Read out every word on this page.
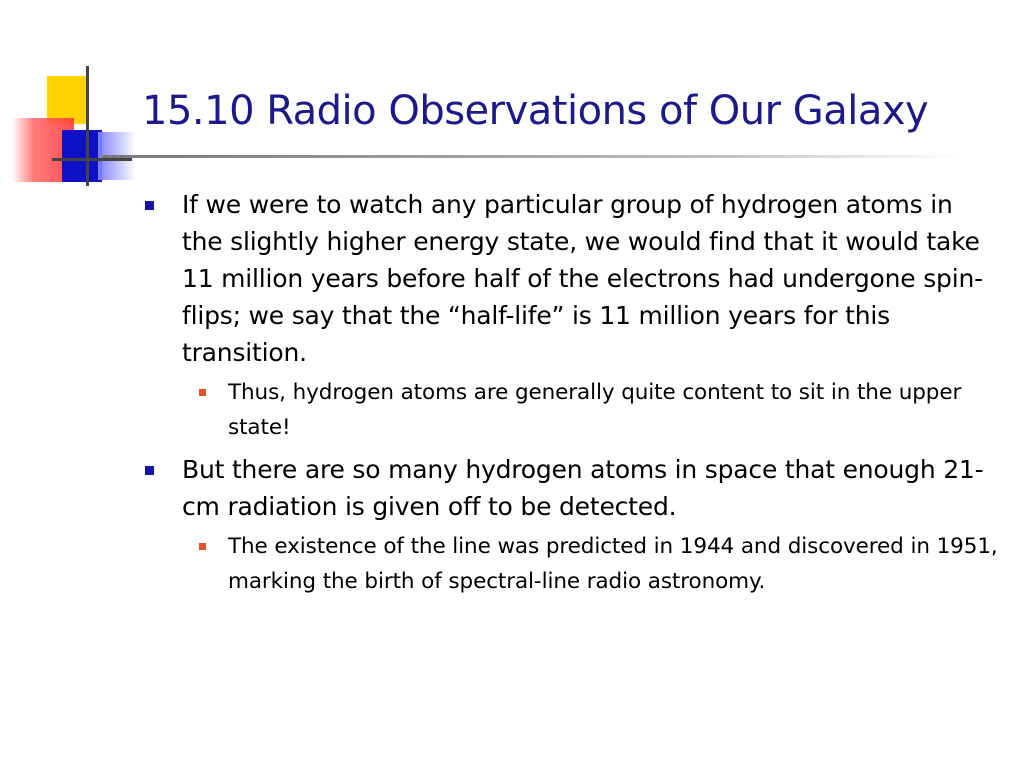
15.10 Radio Observations of Our Galaxy
If we were to watch any particular group of hydrogen atoms in the slightly higher energy state, we would find that it would take 11 million years before half of the electrons had undergone spin-flips; we say that the “half-life” is 11 million years for this transition.
Thus, hydrogen atoms are generally quite content to sit in the upper state!
But there are so many hydrogen atoms in space that enough 21-cm radiation is given off to be detected.
The existence of the line was predicted in 1944 and discovered in 1951, marking the birth of spectral-line radio astronomy.
